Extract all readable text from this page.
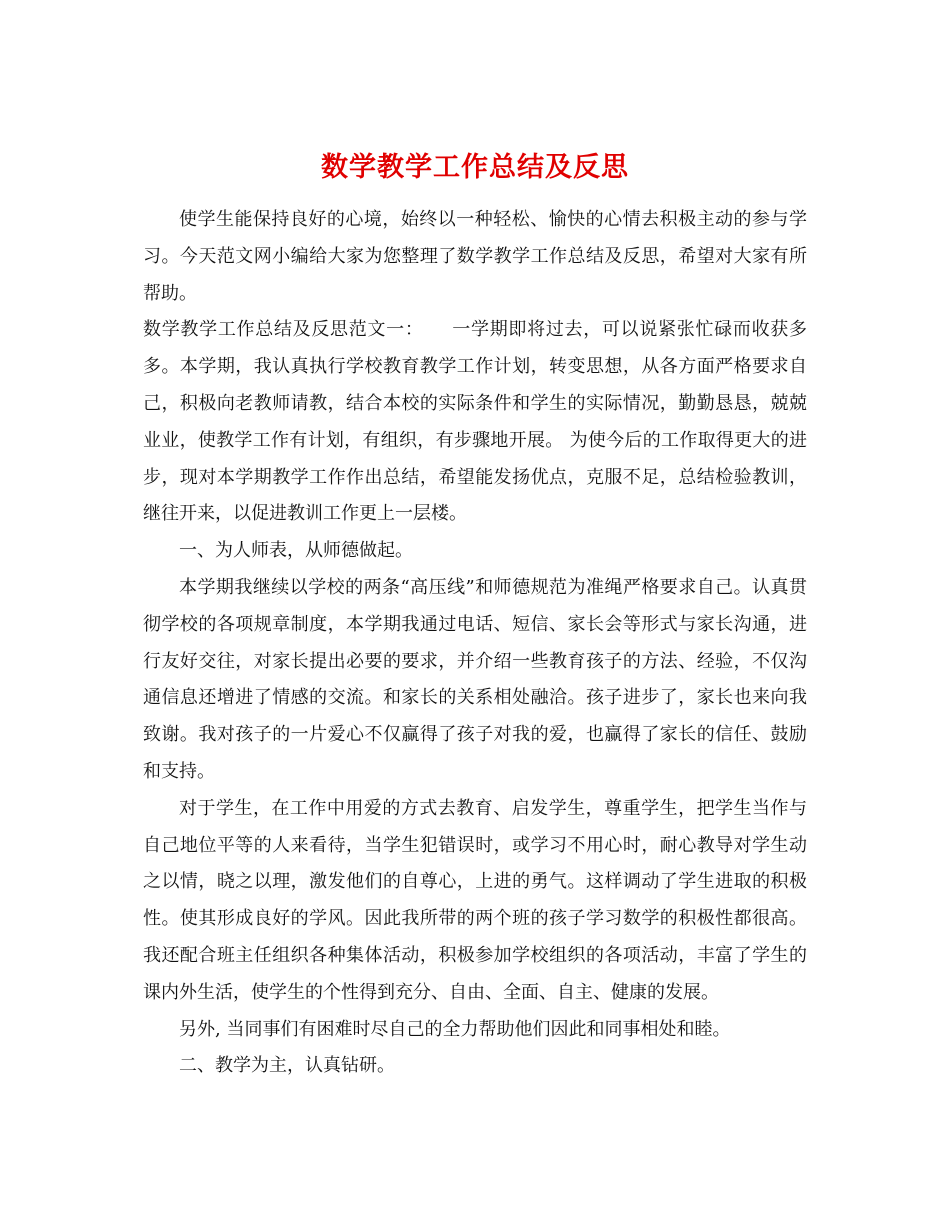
数学教学工作总结及反思

使学生能保持良好的心境，始终以一种轻松、愉快的心情去积极主动的参与学习。今天范文网小编给大家为您整理了数学教学工作总结及反思，希望对大家有所帮助。

数学教学工作总结及反思范文一： 一学期即将过去，可以说紧张忙碌而收获多多。本学期，我认真执行学校教育教学工作计划，转变思想，从各方面严格要求自己，积极向老教师请教，结合本校的实际条件和学生的实际情况，勤勤恳恳，兢兢业业，使教学工作有计划，有组织，有步骤地开展。 为使今后的工作取得更大的进步，现对本学期教学工作作出总结，希望能发扬优点，克服不足，总结检验教训，继往开来，以促进教训工作更上一层楼。

一、为人师表，从师德做起。

本学期我继续以学校的两条“高压线”和师德规范为准绳严格要求自己。认真贯彻学校的各项规章制度，本学期我通过电话、短信、家长会等形式与家长沟通，进行友好交往，对家长提出必要的要求，并介绍一些教育孩子的方法、经验，不仅沟通信息还增进了情感的交流。和家长的关系相处融洽。孩子进步了，家长也来向我致谢。我对孩子的一片爱心不仅赢得了孩子对我的爱，也赢得了家长的信任、鼓励和支持。

对于学生，在工作中用爱的方式去教育、启发学生，尊重学生，把学生当作与自己地位平等的人来看待，当学生犯错误时，或学习不用心时，耐心教导对学生动之以情，晓之以理，激发他们的自尊心，上进的勇气。这样调动了学生进取的积极性。使其形成良好的学风。因此我所带的两个班的孩子学习数学的积极性都很高。我还配合班主任组织各种集体活动，积极参加学校组织的各项活动，丰富了学生的课内外生活，使学生的个性得到充分、自由、全面、自主、健康的发展。

另外, 当同事们有困难时尽自己的全力帮助他们因此和同事相处和睦。

二、教学为主，认真钻研。
